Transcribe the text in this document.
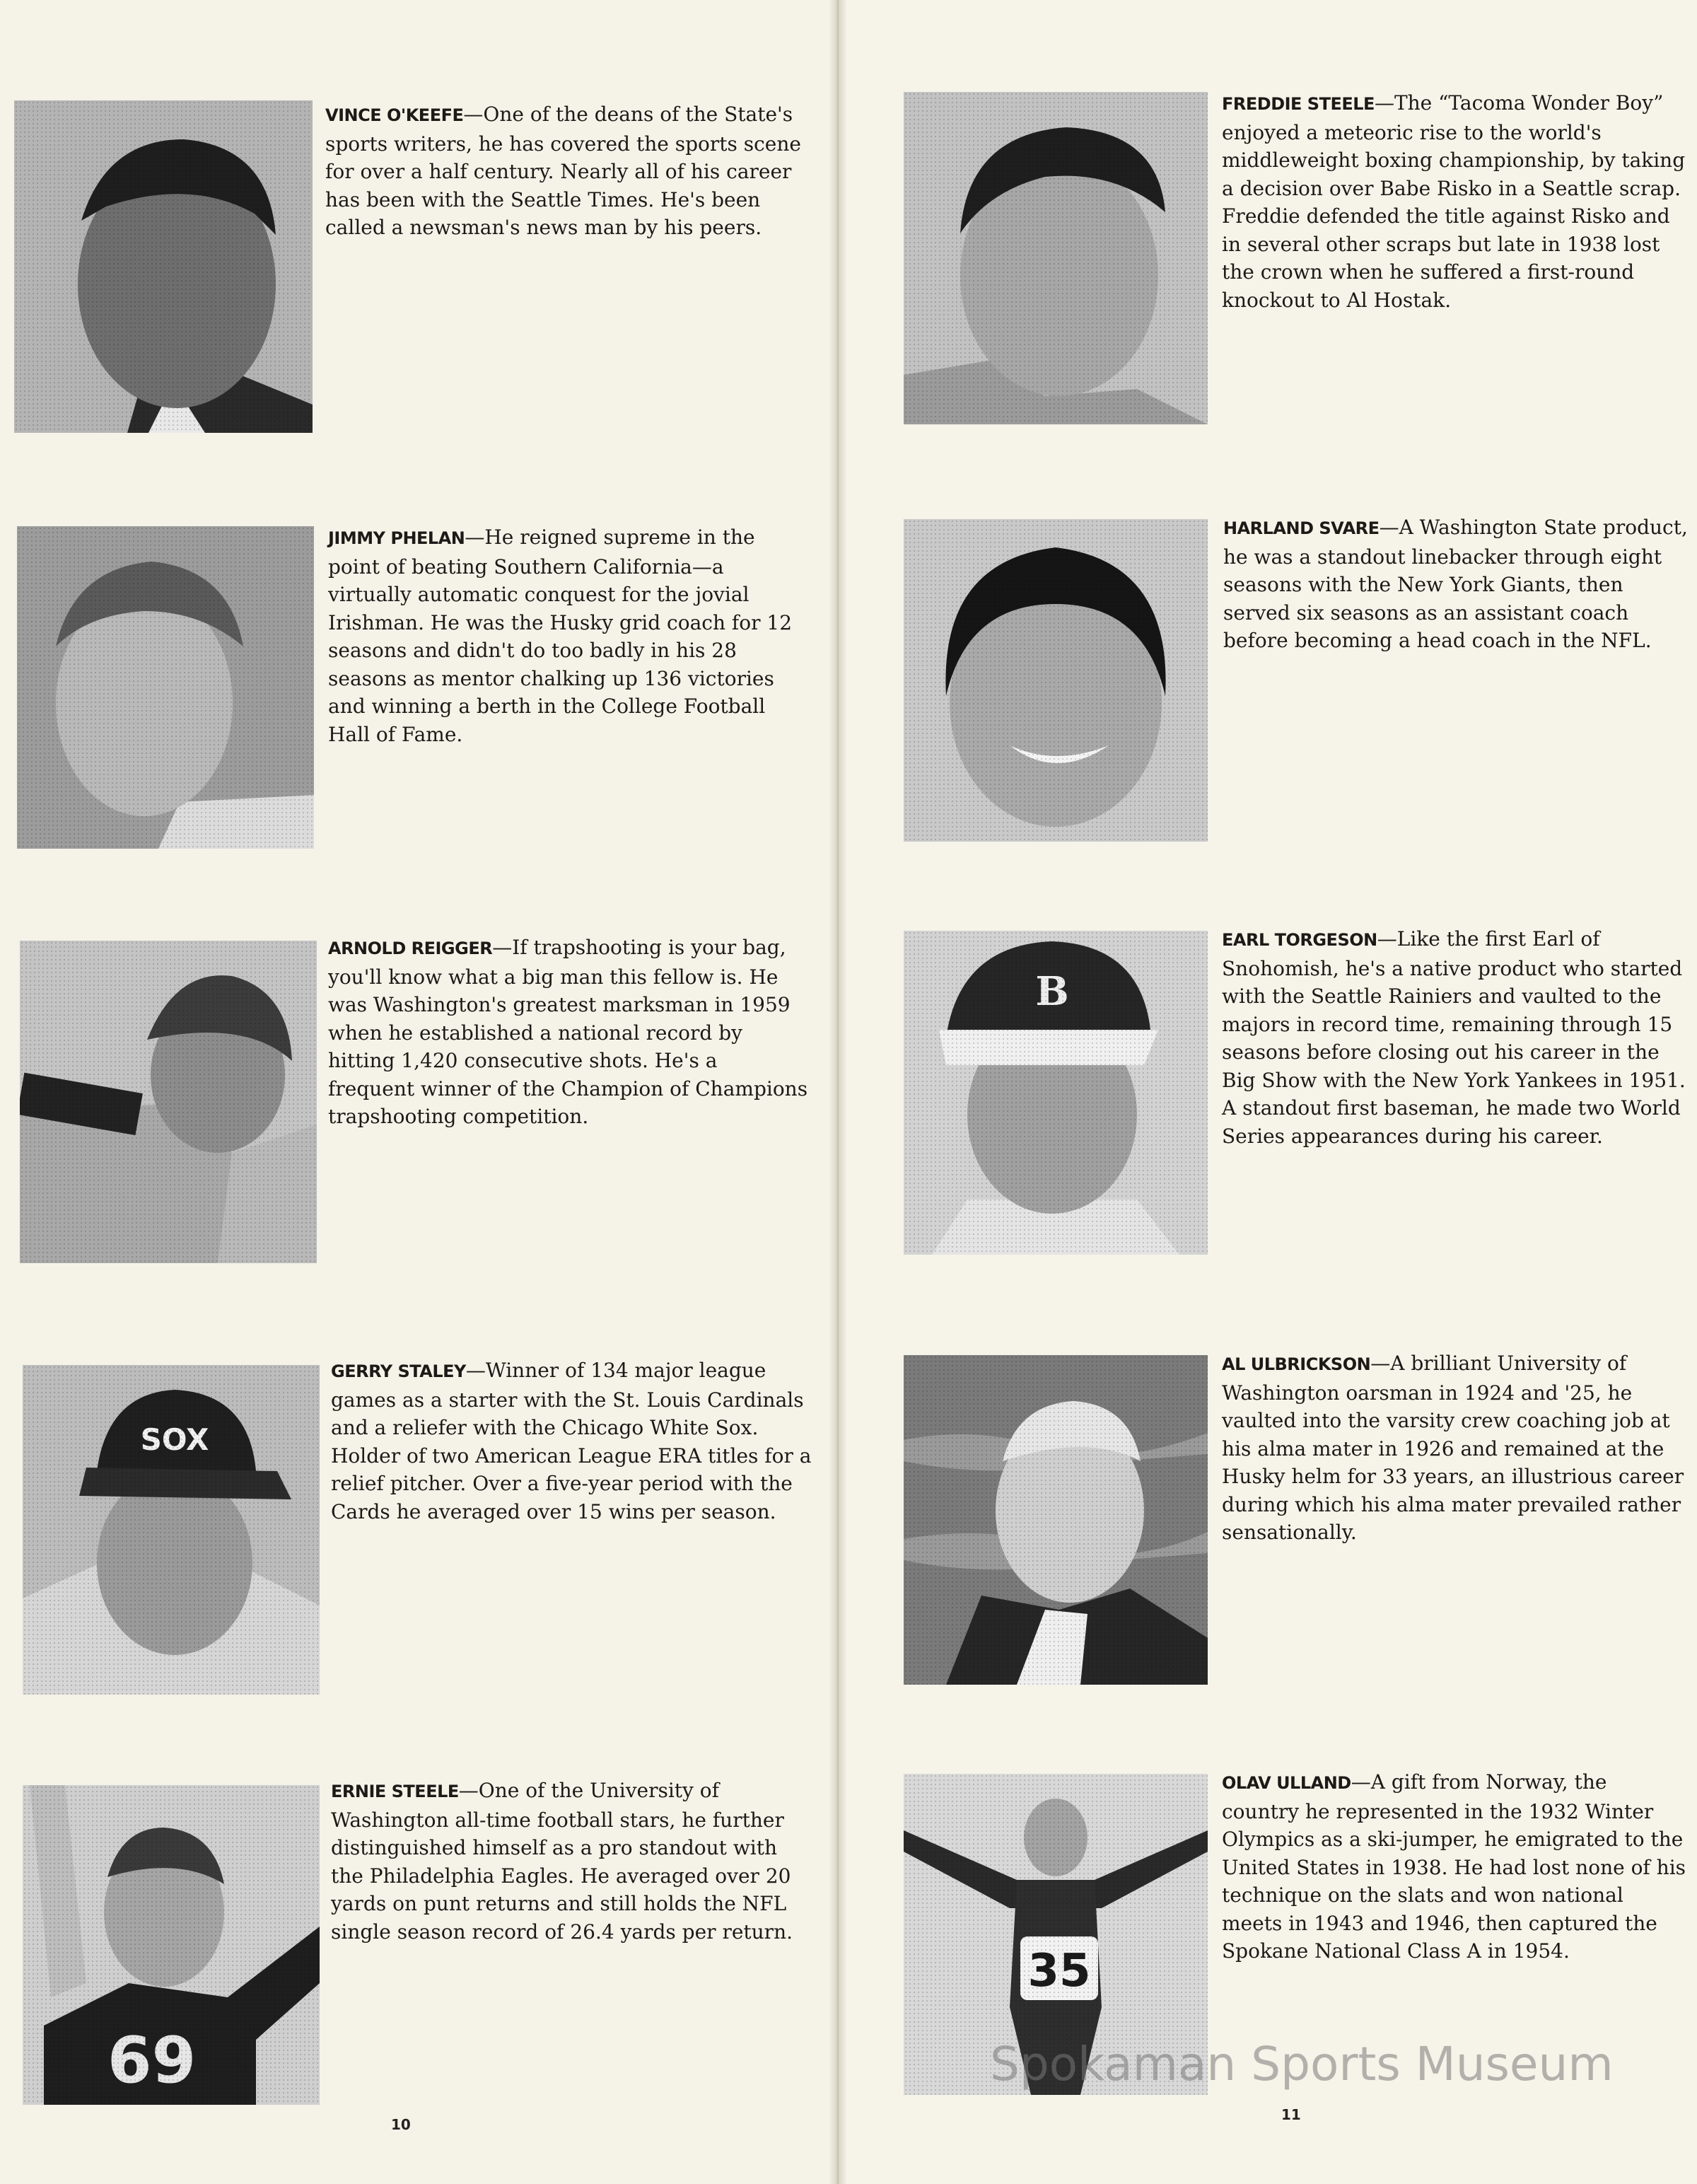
VINCE O'KEEFE—One of the deans of the State's sports writers, he has covered the sports scene for over a half century. Nearly all of his career has been with the Seattle Times. He's been called a newsman's news man by his peers.

JIMMY PHELAN—He reigned supreme in the point of beating Southern California—a virtually automatic conquest for the jovial Irishman. He was the Husky grid coach for 12 seasons and didn't do too badly in his 28 seasons as mentor chalking up 136 victories and winning a berth in the College Football Hall of Fame.

ARNOLD REIGGER—If trapshooting is your bag, you'll know what a big man this fellow is. He was Washington's greatest marksman in 1959 when he established a national record by hitting 1,420 consecutive shots. He's a frequent winner of the Champion of Champions trapshooting competition.

GERRY STALEY—Winner of 134 major league games as a starter with the St. Louis Cardinals and a reliefer with the Chicago White Sox. Holder of two American League ERA titles for a relief pitcher. Over a five-year period with the Cards he averaged over 15 wins per season.

ERNIE STEELE—One of the University of Washington all-time football stars, he further distinguished himself as a pro standout with the Philadelphia Eagles. He averaged over 20 yards on punt returns and still holds the NFL single season record of 26.4 yards per return.

10

FREDDIE STEELE—The “Tacoma Wonder Boy” enjoyed a meteoric rise to the world's middleweight boxing championship, by taking a decision over Babe Risko in a Seattle scrap. Freddie defended the title against Risko and in several other scraps but late in 1938 lost the crown when he suffered a first-round knockout to Al Hostak.

HARLAND SVARE—A Washington State product, he was a standout linebacker through eight seasons with the New York Giants, then served six seasons as an assistant coach before becoming a head coach in the NFL.

EARL TORGESON—Like the first Earl of Snohomish, he's a native product who started with the Seattle Rainiers and vaulted to the majors in record time, remaining through 15 seasons before closing out his career in the Big Show with the New York Yankees in 1951. A standout first baseman, he made two World Series appearances during his career.

AL ULBRICKSON—A brilliant University of Washington oarsman in 1924 and '25, he vaulted into the varsity crew coaching job at his alma mater in 1926 and remained at the Husky helm for 33 years, an illustrious career during which his alma mater prevailed rather sensationally.

OLAV ULLAND—A gift from Norway, the country he represented in the 1932 Winter Olympics as a ski-jumper, he emigrated to the United States in 1938. He had lost none of his technique on the slats and won national meets in 1943 and 1946, then captured the Spokane National Class A in 1954.

11
Spokaman Sports Museum
